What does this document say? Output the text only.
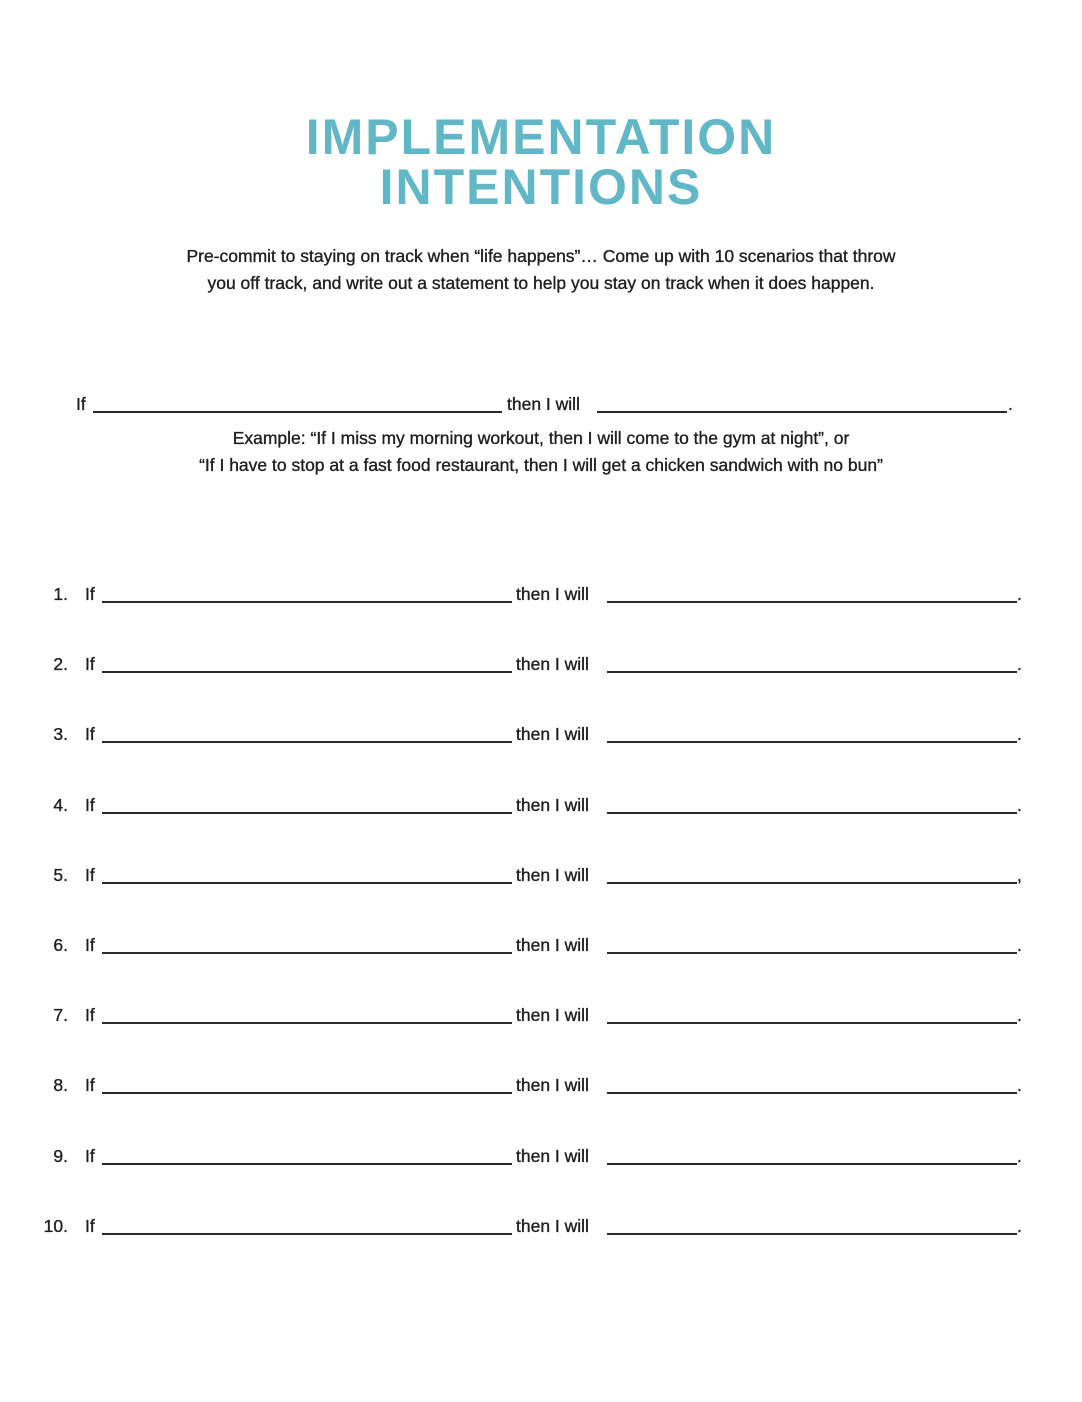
IMPLEMENTATION
INTENTIONS
Pre-commit to staying on track when “life happens”… Come up with 10 scenarios that throw
you off track, and write out a statement to help you stay on track when it does happen.
If	then I will	.
Example: “If I miss my morning workout, then I will come to the gym at night”, or
“If I have to stop at a fast food restaurant, then I will get a chicken sandwich with no bun”
1. If	then I will	.
2. If	then I will	.
3. If	then I will	.
4. If	then I will	.
5. If	then I will	,
6. If	then I will	.
7. If	then I will	.
8. If	then I will	.
9. If	then I will	.
10. If	then I will	.
